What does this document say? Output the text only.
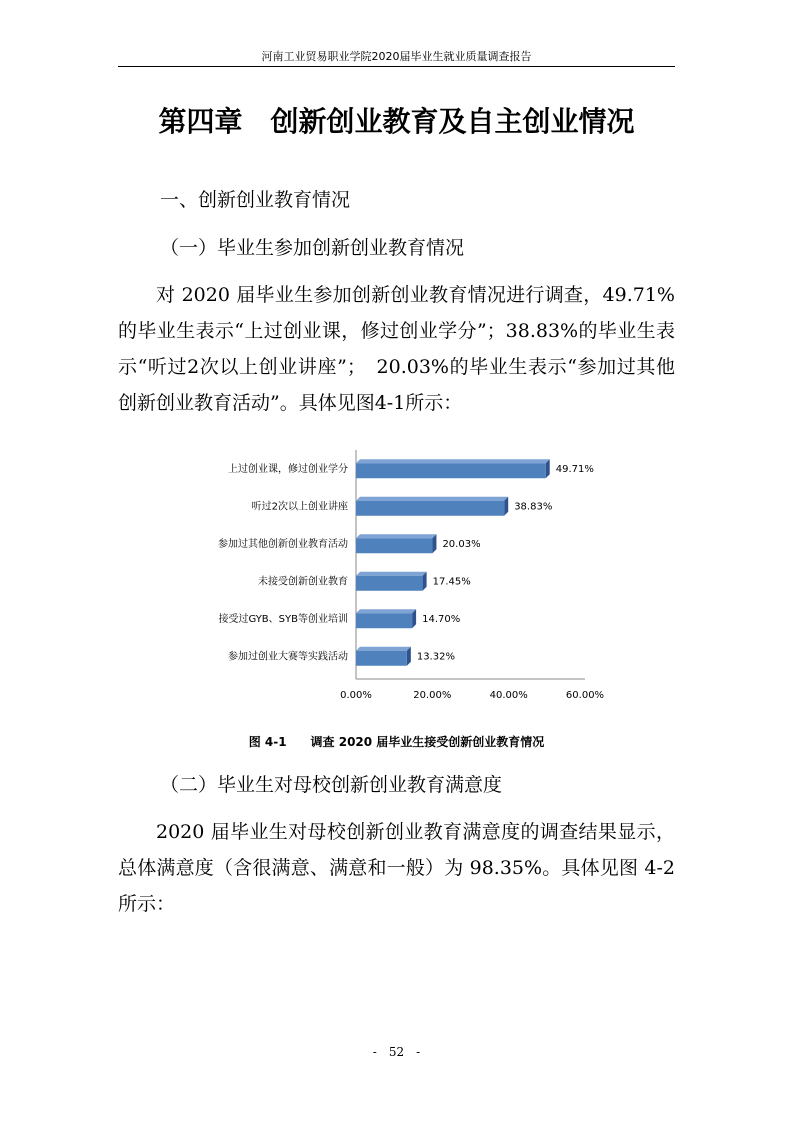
河南工业贸易职业学院2020届毕业生就业质量调查报告
第四章　创新创业教育及自主创业情况
一、创新创业教育情况
（一）毕业生参加创新创业教育情况
对 2020 届毕业生参加创新创业教育情况进行调查，49.71%的毕业生表示“上过创业课，修过创业学分”；38.83%的毕业生表示“听过2次以上创业讲座”；　20.03%的毕业生表示“参加过其他创新创业教育活动”。具体见图4-1所示：
上过创业课，修过创业学分	49.71%
听过2次以上创业讲座	38.83%
参加过其他创新创业教育活动	20.03%
未接受创新创业教育	17.45%
接受过GYB、SYB等创业培训	14.70%
参加过创业大赛等实践活动	13.32%
0.00%	20.00%	40.00%	60.00%
图 4-1　　调查 2020 届毕业生接受创新创业教育情况
（二）毕业生对母校创新创业教育满意度
2020 届毕业生对母校创新创业教育满意度的调查结果显示，总体满意度（含很满意、满意和一般）为 98.35%。具体见图 4-2 所示：
-　52　-
